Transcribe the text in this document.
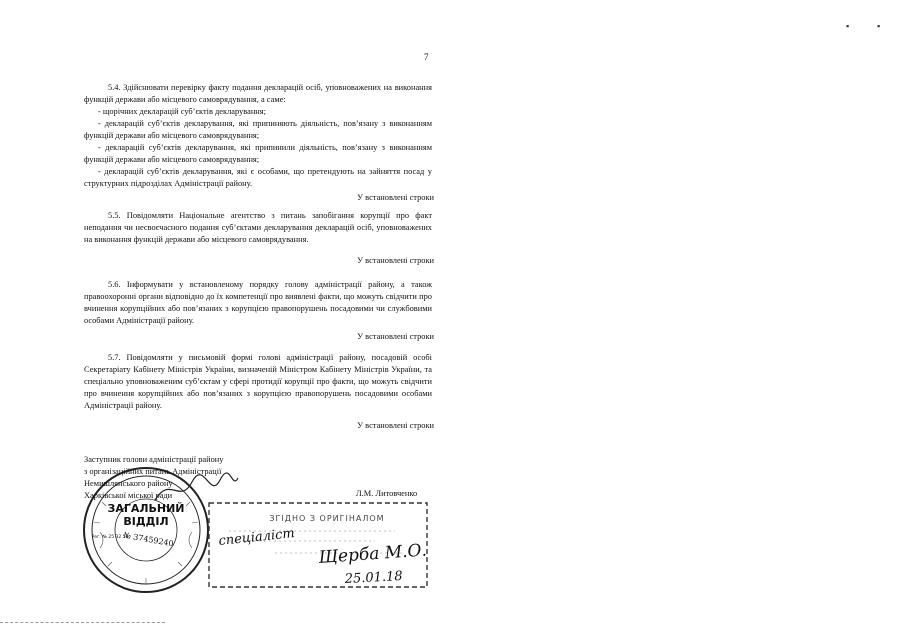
7
▪	▪

5.4. Здійснювати перевірку факту подання декларацій осіб, уповноважених на виконання функцій держави або місцевого самоврядування, а саме:

- щорічних декларацій суб’єктів декларування;

- декларацій суб’єктів декларування, які припиняють діяльність, пов’язану з виконанням функцій держави або місцевого самоврядування;

- декларацій суб’єктів декларування, які припинили діяльність, пов’язану з виконанням функцій держави або місцевого самоврядування;

- декларацій суб’єктів декларування, які є особами, що претендують на зайняття посад у структурних підрозділах Адміністрації району.

У встановлені строки

5.5. Повідомляти Національне агентство з питань запобігання корупції про факт неподання чи несвоєчасного подання суб’єктами декларування декларацій осіб, уповноважених на виконання функцій держави або місцевого самоврядування.

У встановлені строки

5.6. Інформувати у встановленому порядку голову адміністрації району, а також правоохоронні органи відповідно до їх компетенції про виявлені факти, що можуть свідчити про вчинення корупційних або пов’язаних з корупцією правопорушень посадовими чи службовими особами Адміністрації району.

У встановлені строки

5.7. Повідомляти у письмовій формі голові адміністрації району, посадовій особі Секретаріату Кабінету Міністрів України, визначеній Міністром Кабінету Міністрів України, та спеціально уповноваженим суб’єктам у сфері протидії корупції про факти, що можуть свідчити про вчинення корупційних або пов’язаних з корупцією правопорушень посадовими особами Адміністрації району.

У встановлені строки
ЗАГАЛЬНИЙ
ВІДДІЛ
№ 37459240
Рег. № 25 32 56
Заступник голови адміністрації району
з організаційних питань Адміністрації
Немишлянського району
Харківської міської ради	Л.М. Литовченко
ЗГІДНО З ОРИГІНАЛОМ
спеціаліст
Щерба М.О.
25.01.18
